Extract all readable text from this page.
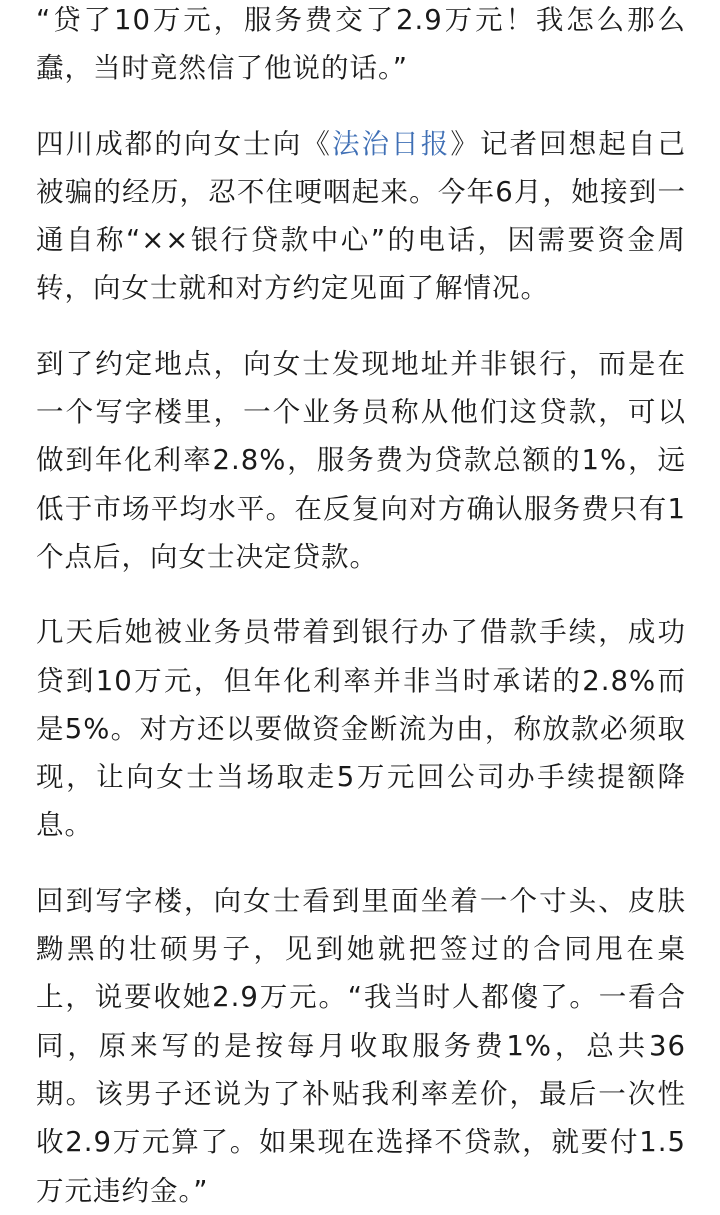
“贷了10万元，服务费交了2.9万元！我怎么那么蠢，当时竟然信了他说的话。”

四川成都的向女士向《法治日报》记者回想起自己被骗的经历，忍不住哽咽起来。今年6月，她接到一通自称“××银行贷款中心”的电话，因需要资金周转，向女士就和对方约定见面了解情况。

到了约定地点，向女士发现地址并非银行，而是在一个写字楼里，一个业务员称从他们这贷款，可以做到年化利率2.8%，服务费为贷款总额的1%，远低于市场平均水平。在反复向对方确认服务费只有1个点后，向女士决定贷款。

几天后她被业务员带着到银行办了借款手续，成功贷到10万元，但年化利率并非当时承诺的2.8%而是5%。对方还以要做资金断流为由，称放款必须取现，让向女士当场取走5万元回公司办手续提额降息。

回到写字楼，向女士看到里面坐着一个寸头、皮肤黝黑的壮硕男子，见到她就把签过的合同甩在桌上，说要收她2.9万元。“我当时人都傻了。一看合同，原来写的是按每月收取服务费1%，总共36期。该男子还说为了补贴我利率差价，最后一次性收2.9万元算了。如果现在选择不贷款，就要付1.5万元违约金。”
